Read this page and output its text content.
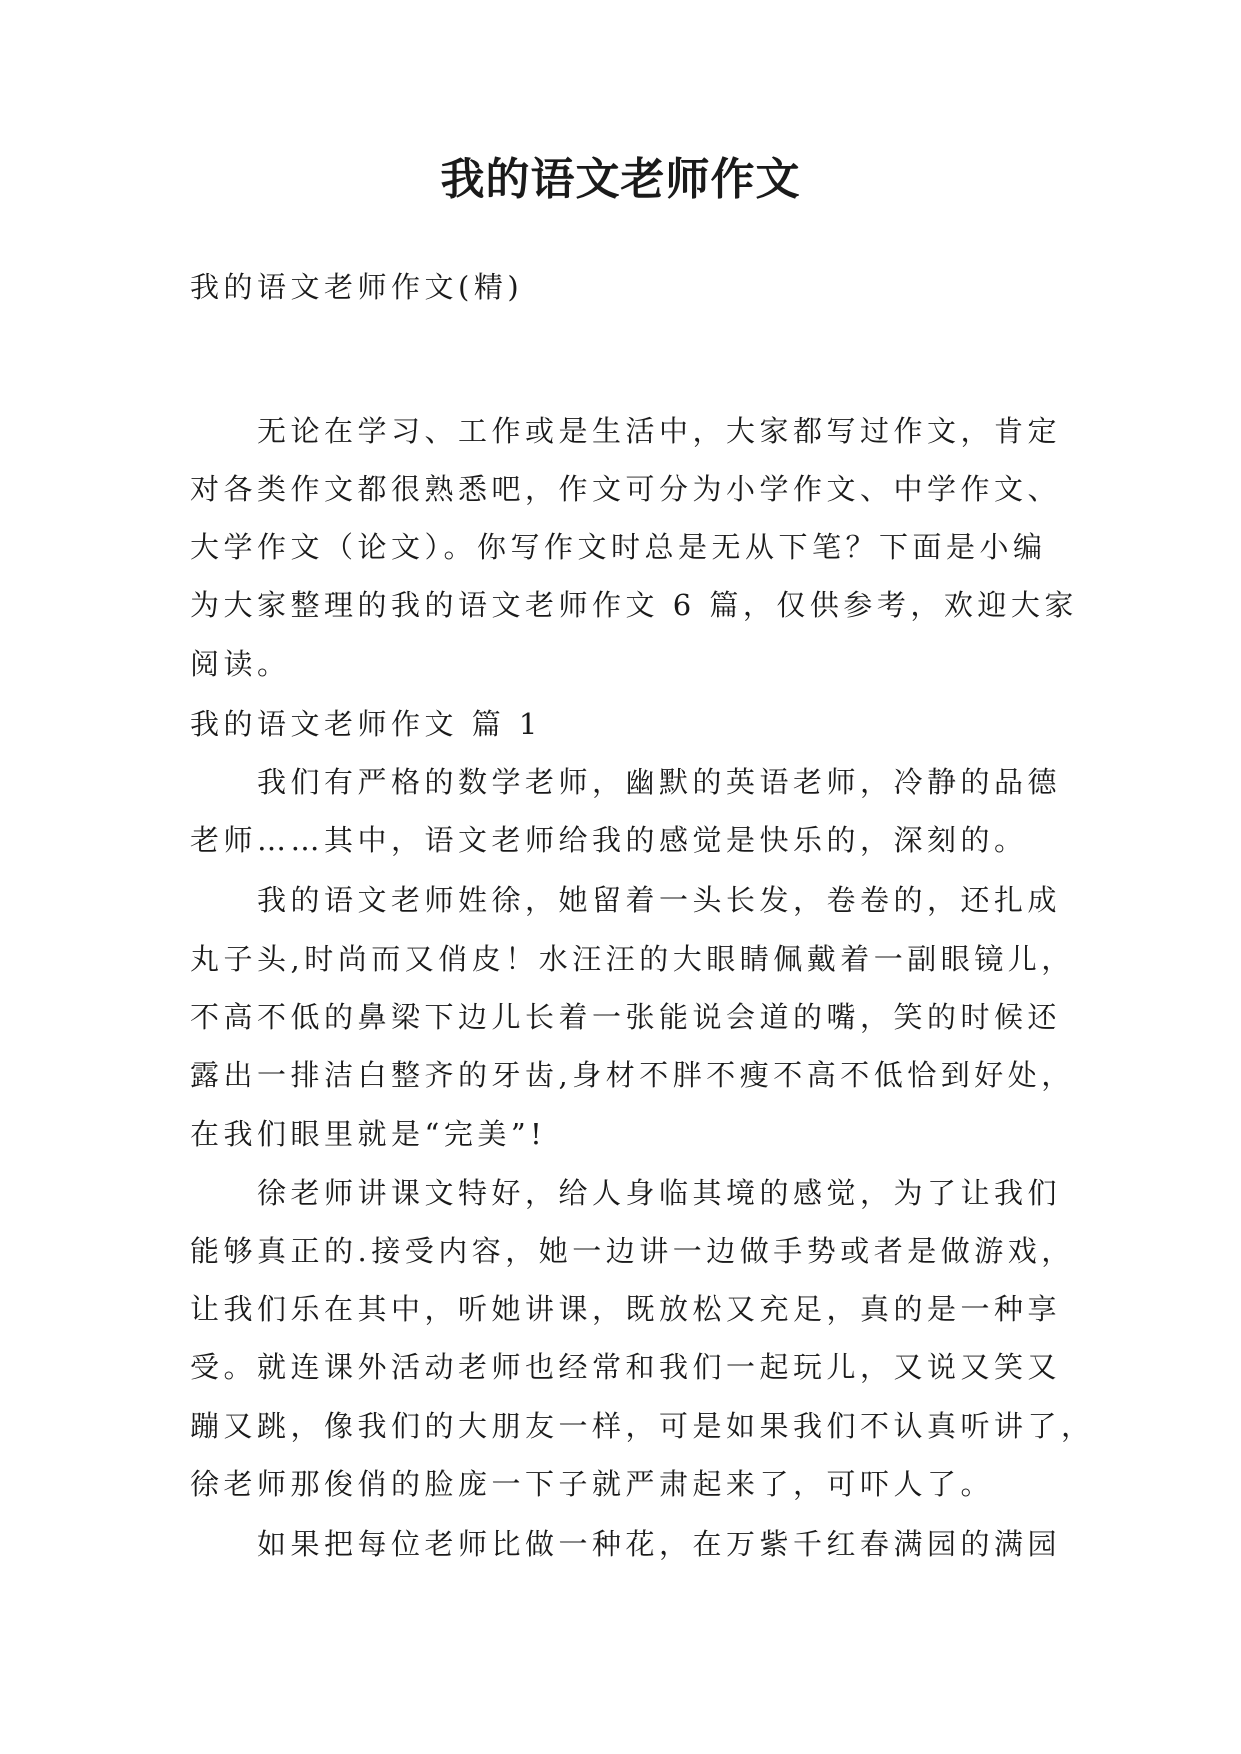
我的语文老师作文
我的语文老师作文(精)
无论在学习、工作或是生活中，大家都写过作文，肯定
对各类作文都很熟悉吧，作文可分为小学作文、中学作文、
大学作文（论文）。你写作文时总是无从下笔？下面是小编
为大家整理的我的语文老师作文 6 篇，仅供参考，欢迎大家
阅读。
我的语文老师作文 篇 1
我们有严格的数学老师，幽默的英语老师，冷静的品德
老师……其中，语文老师给我的感觉是快乐的，深刻的。
我的语文老师姓徐，她留着一头长发，卷卷的，还扎成
丸子头,时尚而又俏皮！水汪汪的大眼睛佩戴着一副眼镜儿，
不高不低的鼻梁下边儿长着一张能说会道的嘴，笑的时候还
露出一排洁白整齐的牙齿,身材不胖不瘦不高不低恰到好处，
在我们眼里就是“完美”!
徐老师讲课文特好，给人身临其境的感觉，为了让我们
能够真正的.接受内容，她一边讲一边做手势或者是做游戏，
让我们乐在其中，听她讲课，既放松又充足，真的是一种享
受。就连课外活动老师也经常和我们一起玩儿，又说又笑又
蹦又跳，像我们的大朋友一样，可是如果我们不认真听讲了，
徐老师那俊俏的脸庞一下子就严肃起来了，可吓人了。
如果把每位老师比做一种花，在万紫千红春满园的满园
